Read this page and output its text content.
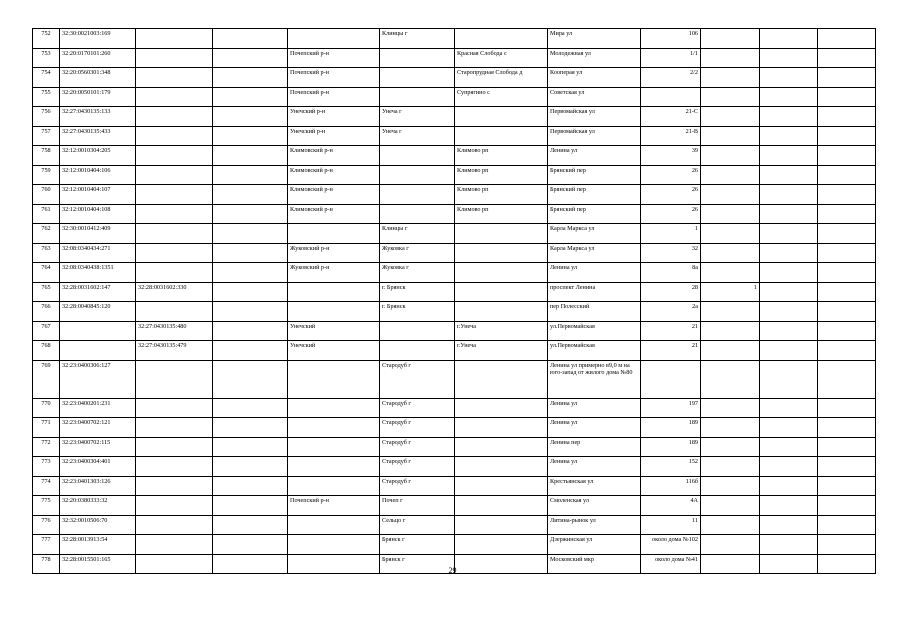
752	32:30:0021003:169				Клинцы г		Мира ул	106			
753	32:20:0170101:260			Почепский р-н		Красная Слобода с	Молодежная ул	1/1			
754	32:20:0560301:348			Почепский р-н		Старопрудная Слобода д	Кооперая ул	2/2			
755	32:20:0050101:179			Почепский р-н		Супрягино с	Советская ул				
756	32:27:0430135:133			Унечский р-н	Унеча г		Первомайская ул	21-С			
757	32:27:0430135:433			Унечский р-н	Унеча г		Первомайская ул	21-В			
758	32:12:0010304:205			Климовский р-н		Климово рп	Ленина ул	39			
759	32:12:0010404:106			Климовский р-н		Климово рп	Брянский пер	26			
760	32:12:0010404:107			Климовский р-н		Климово рп	Брянский пер	26			
761	32:12:0010404:108			Климовский р-н		Климово рп	Брянский пер	26			
762	32:30:0010412:409				Клинцы г		Карла Маркса ул	1			
763	32:08:0340434:271			Жуковский р-н	Жуковка г		Карла Маркса ул	32			
764	32:08:0340438:1351			Жуковский р-н	Жуковка г		Ленина ул	8а			
765	32:28:0031602:147	32:28:0031602:330			г. Брянск		проспект Ленина	28	1		
766	32:28:0040845:120				г. Брянск		пер Полесский	2а			
767		32:27:0430135:480		Унечский		г.Унеча	ул.Первомайская	21			
768		32:27:0430135:479		Унечский		г.Унеча	ул.Первомайская	21			
769	32:23:0400306:127				Стародуб г		Ленина ул примерно в9,0 м на юго-запад от жилого дома №80				
770	32:23:0400201:231				Стародуб г		Ленина ул	197			
771	32:23:0400702:121				Стародуб г		Ленина ул	189			
772	32:23:0400702:115				Стародуб г		Ленина пер	189			
773	32:23:0400304:401				Стародуб г		Ленина ул	152			
774	32:23:0401303:126				Стародуб г		Крестьянская ул	116б			
775	32:20:0380333:32			Почепский р-н	Почеп г		Смоленская ул	4А			
776	32:32:0010506:70				Сельцо г		Литина-рынок ул	11			
777	32:28:0013913:54				Брянск г		Дзержинская ул	около дома №102			
778	32:28:0015501:165				Брянск г		Московский мкр	около дома №41			
29
